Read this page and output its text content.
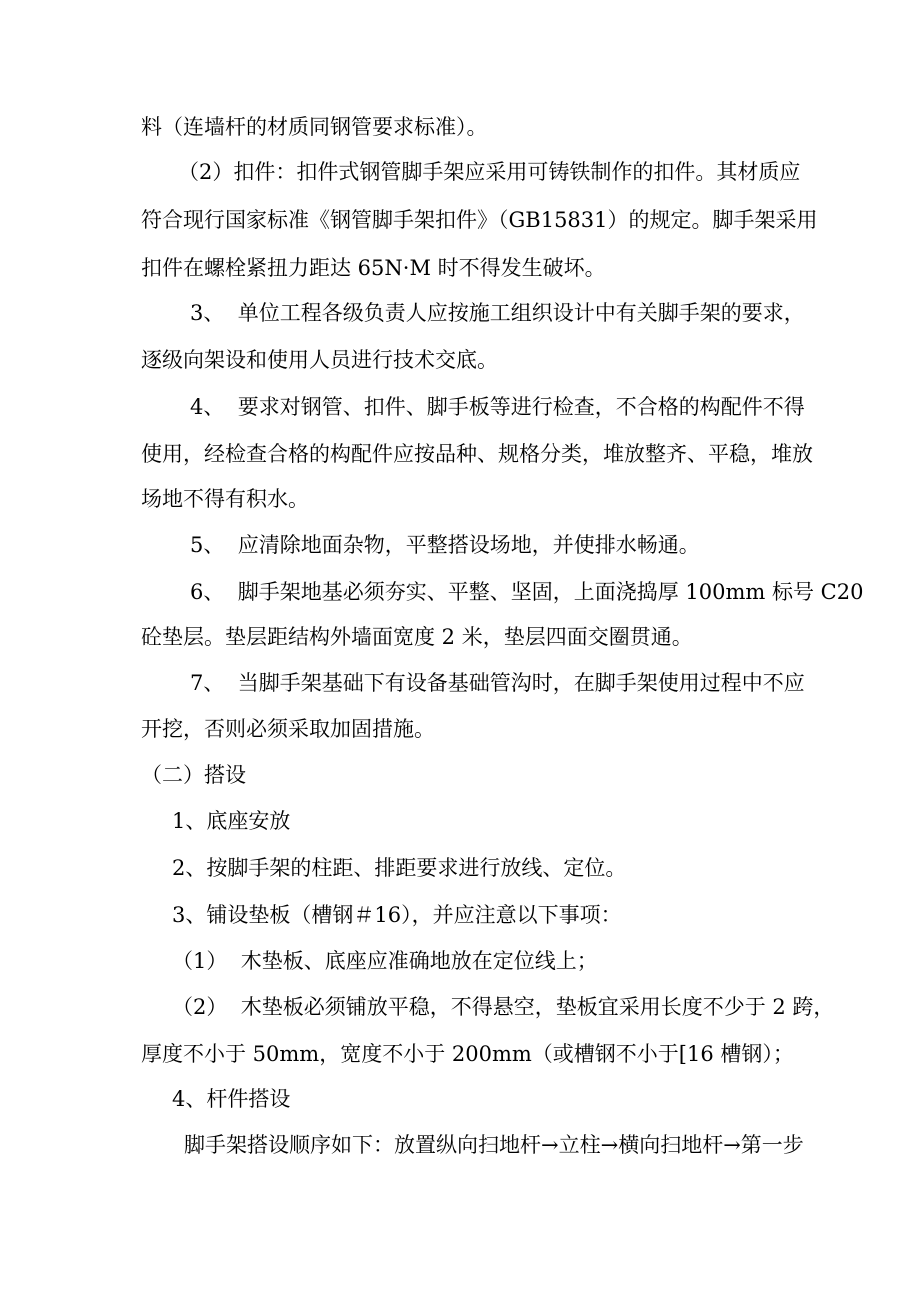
料（连墙杆的材质同钢管要求标准）。
（2）扣件：扣件式钢管脚手架应采用可铸铁制作的扣件。其材质应
符合现行国家标准《钢管脚手架扣件》（GB15831）的规定。脚手架采用
扣件在螺栓紧扭力距达 65N·M 时不得发生破坏。
3、  单位工程各级负责人应按施工组织设计中有关脚手架的要求，
逐级向架设和使用人员进行技术交底。
4、  要求对钢管、扣件、脚手板等进行检查，不合格的构配件不得
使用，经检查合格的构配件应按品种、规格分类，堆放整齐、平稳，堆放
场地不得有积水。
5、  应清除地面杂物，平整搭设场地，并使排水畅通。
6、  脚手架地基必须夯实、平整、坚固，上面浇捣厚 100mm 标号 C20
砼垫层。垫层距结构外墙面宽度 2 米，垫层四面交圈贯通。
7、  当脚手架基础下有设备基础管沟时，在脚手架使用过程中不应
开挖，否则必须采取加固措施。
（二）搭设
1、底座安放
2、按脚手架的柱距、排距要求进行放线、定位。
3、铺设垫板（槽钢＃16），并应注意以下事项：
（1）  木垫板、底座应准确地放在定位线上；
（2）  木垫板必须铺放平稳，不得悬空，垫板宜采用长度不少于 2 跨，
厚度不小于 50mm，宽度不小于 200mm（或槽钢不小于[16 槽钢）；
4、杆件搭设
脚手架搭设顺序如下：放置纵向扫地杆→立柱→横向扫地杆→第一步
